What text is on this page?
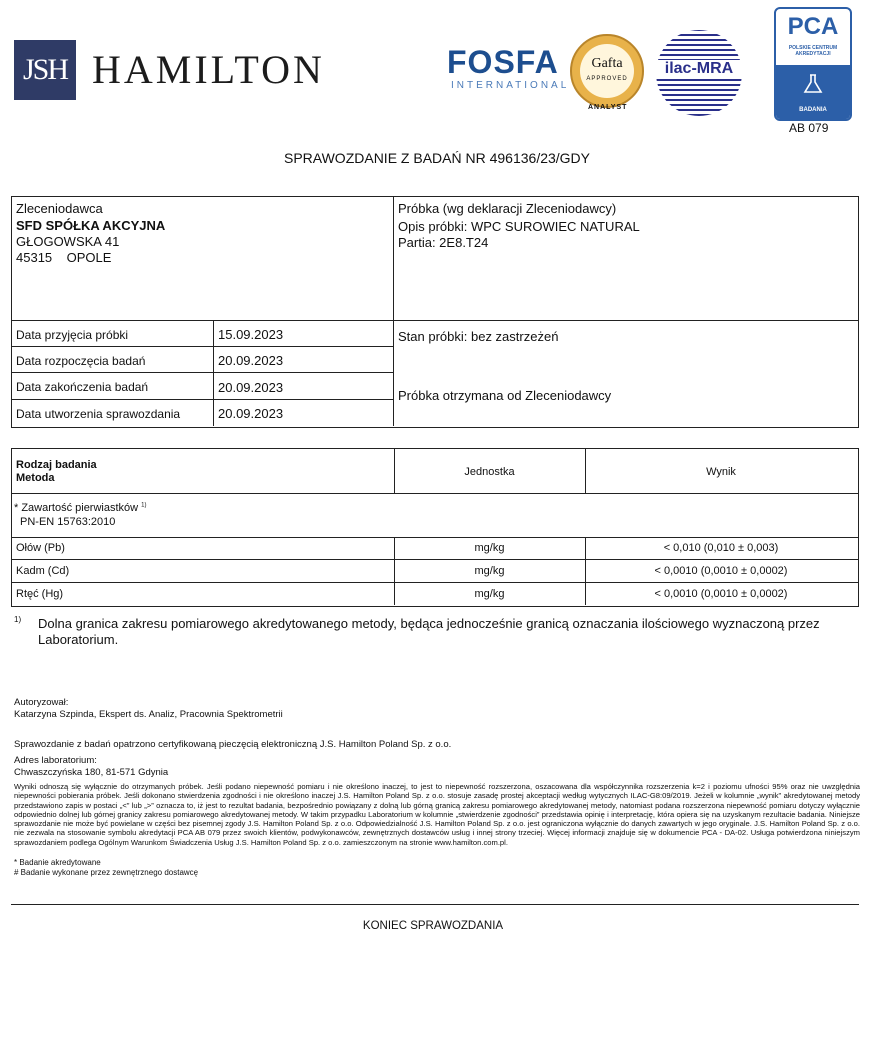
JSH HAMILTON	FOSFA
INTERNATIONAL
Gafta
APPROVED
ANALYST
ilac-MRA
PCA
POLSKIE CENTRUM AKREDYTACJI
BADANIA
AB 079
SPRAWOZDANIE Z BADAŃ NR 496136/23/GDY
Zleceniodawca
SFD SPÓŁKA AKCYJNA
GŁOGOWSKA 41
45315    OPOLE
Próbka (wg deklaracji Zleceniodawcy)
Opis próbki: WPC SUROWIEC NATURAL
Partia: 2E8.T24
Data przyjęcia próbki	15.09.2023
Data rozpoczęcia badań	20.09.2023
Data zakończenia badań	20.09.2023
Data utworzenia sprawozdania	20.09.2023
Stan próbki: bez zastrzeżeń
Próbka otrzymana od Zleceniodawcy
Rodzaj badania
Metoda	Jednostka	Wynik
* Zawartość pierwiastków $^{1)}$
PN-EN 15763:2010
Ołów (Pb)	mg/kg	< 0,010 (0,010 ± 0,003)
Kadm (Cd)	mg/kg	< 0,0010 (0,0010 ± 0,0002)
Rtęć (Hg)	mg/kg	< 0,0010 (0,0010 ± 0,0002)
1) Dolna granica zakresu pomiarowego akredytowanego metody, będąca jednocześnie granicą oznaczania ilościowego wyznaczoną przez Laboratorium.
Autoryzował:
Katarzyna Szpinda, Ekspert ds. Analiz, Pracownia Spektrometrii
Sprawozdanie z badań opatrzono certyfikowaną pieczęcią elektroniczną J.S. Hamilton Poland Sp. z o.o.
Adres laboratorium:
Chwaszczyńska 180, 81-571 Gdynia
Wyniki odnoszą się wyłącznie do otrzymanych próbek. Jeśli podano niepewność pomiaru i nie określono inaczej, to jest to niepewność rozszerzona, oszacowana dla współczynnika rozszerzenia k=2 i poziomu ufności 95% oraz nie uwzględnia niepewności pobierania próbek. Jeśli dokonano stwierdzenia zgodności i nie określono inaczej J.S. Hamilton Poland Sp. z o.o. stosuje zasadę prostej akceptacji według wytycznych ILAC-G8:09/2019. Jeżeli w kolumnie „wynik” akredytowanej metody przedstawiono zapis w postaci „<” lub „>” oznacza to, iż jest to rezultat badania, bezpośrednio powiązany z dolną lub górną granicą zakresu pomiarowego akredytowanej metody, natomiast podana rozszerzona niepewność pomiaru dotyczy wyłącznie odpowiednio dolnej lub górnej granicy zakresu pomiarowego akredytowanej metody. W takim przypadku Laboratorium w kolumnie „stwierdzenie zgodności” przedstawia opinię i interpretację, która opiera się na uzyskanym rezultacie badania. Niniejsze sprawozdanie nie może być powielane w części bez pisemnej zgody J.S. Hamilton Poland Sp. z o.o. Odpowiedzialność J.S. Hamilton Poland Sp. z o.o. jest ograniczona wyłącznie do danych zawartych w jego oryginale. J.S. Hamilton Poland Sp. z o.o. nie zezwala na stosowanie symbolu akredytacji PCA AB 079 przez swoich klientów, podwykonawców, zewnętrznych dostawców usług i innej strony trzeciej. Więcej informacji znajduje się w dokumencie PCA - DA-02. Usługa potwierdzona niniejszym sprawozdaniem podlega Ogólnym Warunkom Świadczenia Usług J.S. Hamilton Poland Sp. z o.o. zamieszczonym na stronie www.hamilton.com.pl.
* Badanie akredytowane
# Badanie wykonane przez zewnętrznego dostawcę
KONIEC SPRAWOZDANIA
